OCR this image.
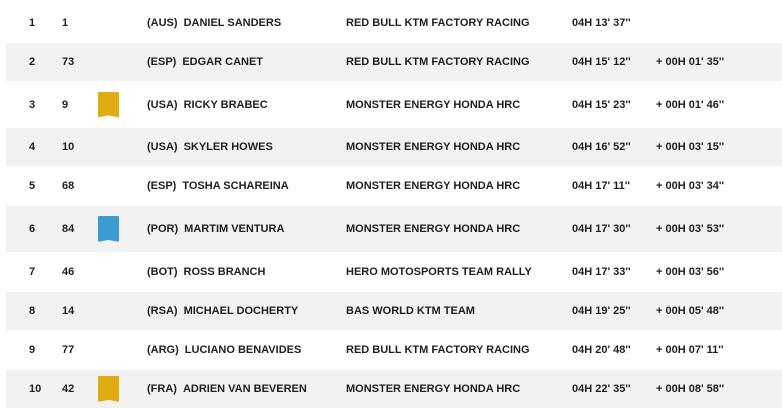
1 1	(AUS) DANIEL SANDERS	RED BULL KTM FACTORY RACING	04H 13' 37''
2 73	(ESP) EDGAR CANET	RED BULL KTM FACTORY RACING	04H 15' 12'' + 00H 01' 35''
3 9	(USA) RICKY BRABEC	MONSTER ENERGY HONDA HRC	04H 15' 23'' + 00H 01' 46''
4 10	(USA) SKYLER HOWES	MONSTER ENERGY HONDA HRC	04H 16' 52'' + 00H 03' 15''
5 68	(ESP) TOSHA SCHAREINA	MONSTER ENERGY HONDA HRC	04H 17' 11'' + 00H 03' 34''
6 84	(POR) MARTIM VENTURA	MONSTER ENERGY HONDA HRC	04H 17' 30'' + 00H 03' 53''
7 46	(BOT) ROSS BRANCH	HERO MOTOSPORTS TEAM RALLY	04H 17' 33'' + 00H 03' 56''
8 14	(RSA) MICHAEL DOCHERTY	BAS WORLD KTM TEAM	04H 19' 25'' + 00H 05' 48''
9 77	(ARG) LUCIANO BENAVIDES	RED BULL KTM FACTORY RACING	04H 20' 48'' + 00H 07' 11''
10 42	(FRA) ADRIEN VAN BEVEREN	MONSTER ENERGY HONDA HRC	04H 22' 35'' + 00H 08' 58''
